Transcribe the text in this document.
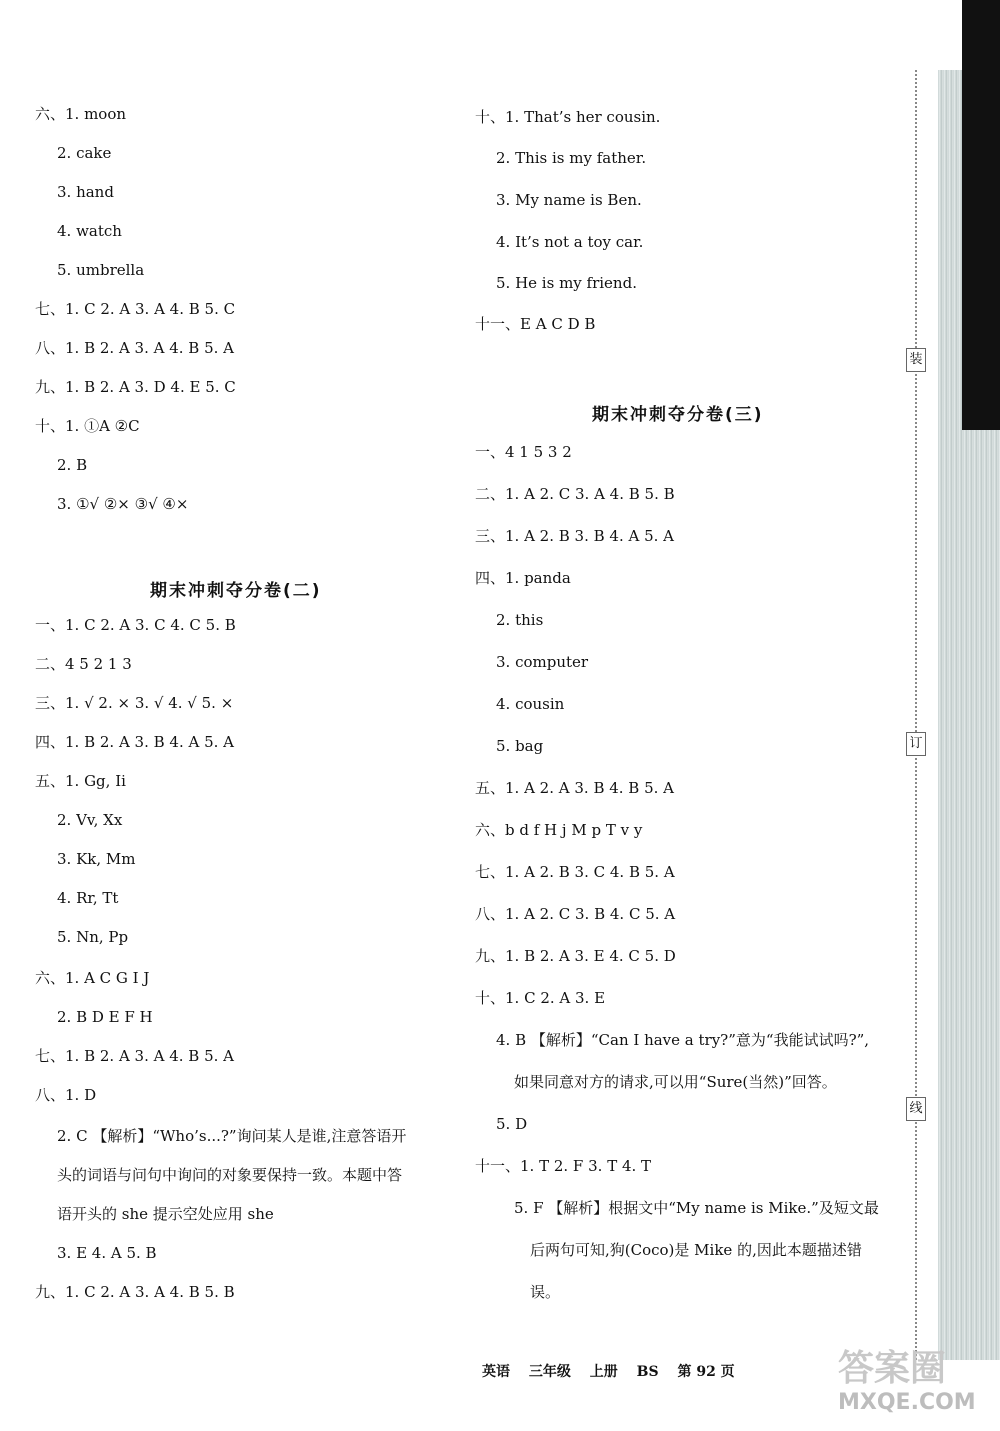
装
订
线
期末冲刺夺分卷(二)
六、1. moon
2. cake
3. hand
4. watch
5. umbrella
七、1. C 2. A 3. A 4. B 5. C
八、1. B 2. A 3. A 4. B 5. A
九、1. B 2. A 3. D 4. E 5. C
十、1. ①A ②C
2. B
3. ①√ ②× ③√ ④×
一、1. C 2. A 3. C 4. C 5. B
二、4 5 2 1 3
三、1. √ 2. × 3. √ 4. √ 5. ×
四、1. B 2. A 3. B 4. A 5. A
五、1. Gg, Ii
2. Vv, Xx
3. Kk, Mm
4. Rr, Tt
5. Nn, Pp
六、1. A C G I J
2. B D E F H
七、1. B 2. A 3. A 4. B 5. A
八、1. D
2. C 【解析】“Who’s...?”询问某人是谁,注意答语开
头的词语与问句中询问的对象要保持一致。本题中答
语开头的 she 提示空处应用 she
3. E 4. A 5. B
九、1. C 2. A 3. A 4. B 5. B
期末冲刺夺分卷(三)
十、1. That’s her cousin.
2. This is my father.
3. My name is Ben.
4. It’s not a toy car.
5. He is my friend.
十一、E A C D B
一、4 1 5 3 2
二、1. A 2. C 3. A 4. B 5. B
三、1. A 2. B 3. B 4. A 5. A
四、1. panda
2. this
3. computer
4. cousin
5. bag
五、1. A 2. A 3. B 4. B 5. A
六、b d f H j M p T v y
七、1. A 2. B 3. C 4. B 5. A
八、1. A 2. C 3. B 4. C 5. A
九、1. B 2. A 3. E 4. C 5. D
十、1. C 2. A 3. E
4. B 【解析】“Can I have a try?”意为“我能试试吗?”,
如果同意对方的请求,可以用“Sure(当然)”回答。
5. D
十一、1. T 2. F 3. T 4. T
5. F 【解析】根据文中“My name is Mike.”及短文最
后两句可知,狗(Coco)是 Mike 的,因此本题描述错
误。
英语 三年级 上册 BS 第 92 页	答案圈
MXQE.COM
